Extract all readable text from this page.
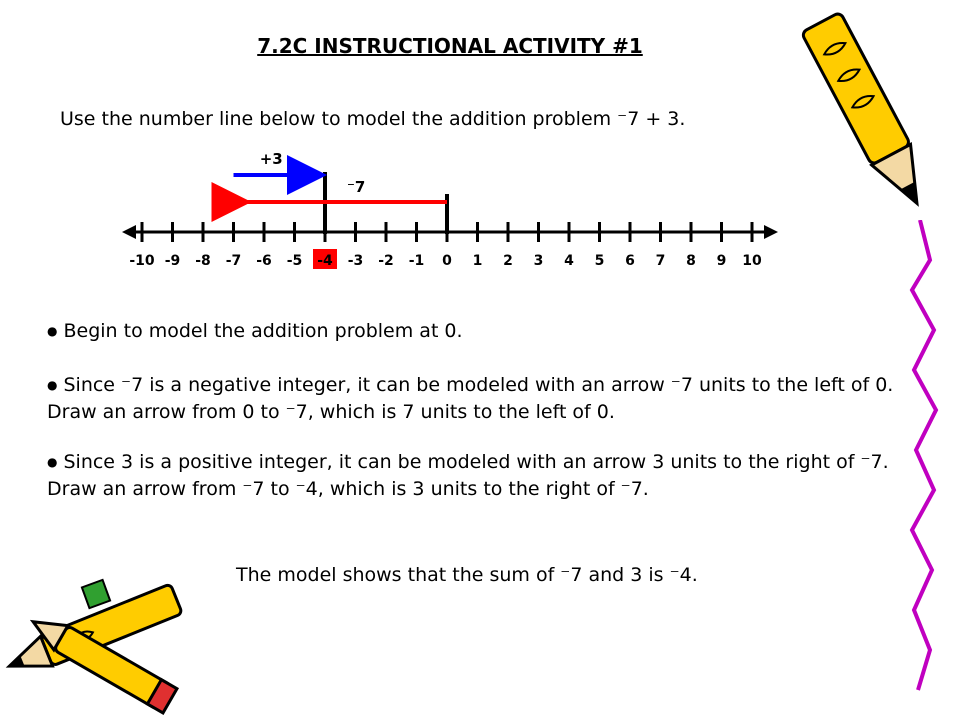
7.2C INSTRUCTIONAL ACTIVITY #1
Use the number line below to model the addition problem ⁻7 + 3.
-10 -9 -8 -7 -6 -5 -4 -3 -2 -1 0 1 2 3 4 5 6 7 8 9 10
⁻7
+3
● Begin to model the addition problem at 0.
● Since ⁻7 is a negative integer, it can be modeled with an arrow ⁻7 units to the left of 0. Draw an arrow from 0 to ⁻7, which is 7 units to the left of 0.
● Since 3 is a positive integer, it can be modeled with an arrow 3 units to the right of ⁻7. Draw an arrow from ⁻7 to ⁻4, which is 3 units to the right of ⁻7.
The model shows that the sum of ⁻7 and 3 is ⁻4.
